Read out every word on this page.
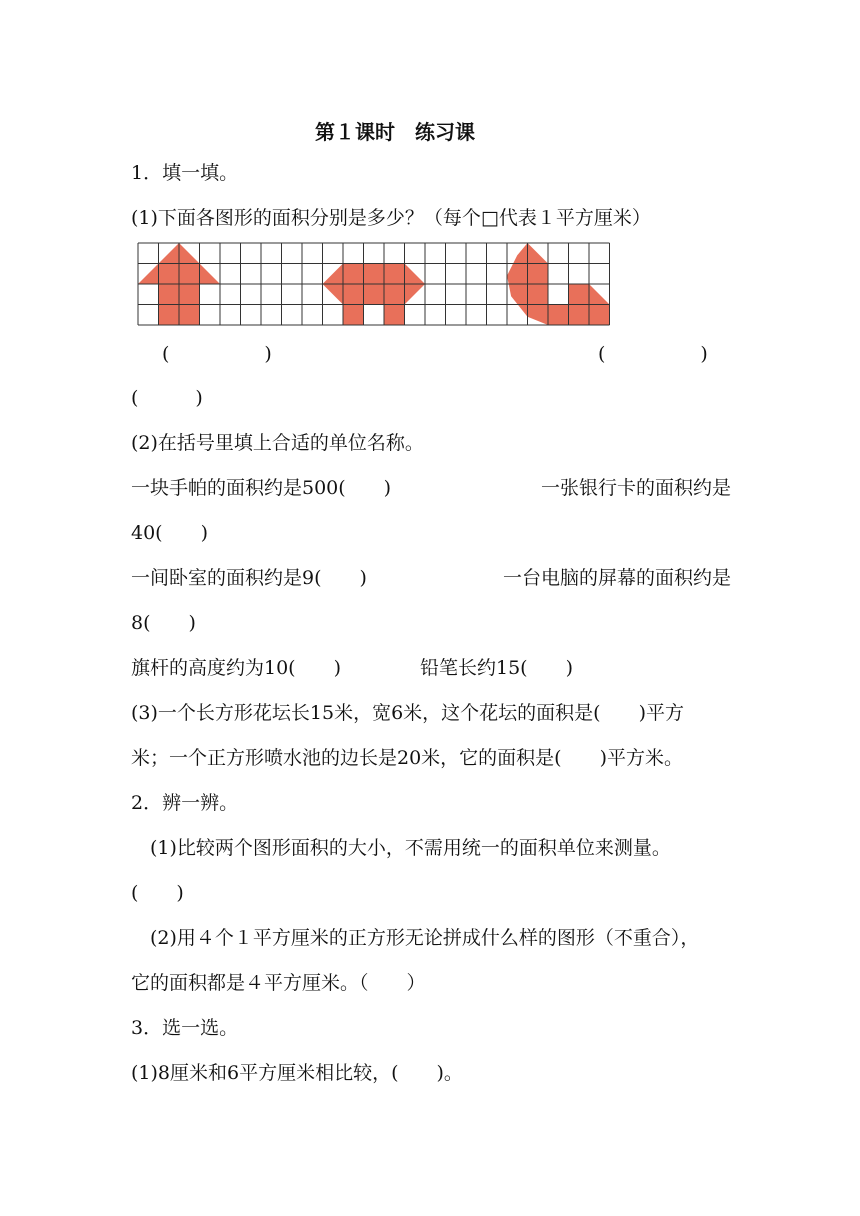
第１课时　练习课
1．填一填。
(1)下面各图形的面积分别是多少？（每个□代表１平方厘米）
(　　　　　)	(　　　　　)
(　　　)
(2)在括号里填上合适的单位名称。
一块手帕的面积约是500(　　)	一张银行卡的面积约是
40(　　)
一间卧室的面积约是9(　　)	一台电脑的屏幕的面积约是
8(　　)
旗杆的高度约为10(　　)	铅笔长约15(　　)
(3)一个长方形花坛长15米，宽6米，这个花坛的面积是(　　)平方
米；一个正方形喷水池的边长是20米，它的面积是(　　)平方米。
2．辨一辨。
(1)比较两个图形面积的大小，不需用统一的面积单位来测量。
(　　)
(2)用４个１平方厘米的正方形无论拼成什么样的图形（不重合），
它的面积都是４平方厘米。（　　）
3．选一选。
(1)8厘米和6平方厘米相比较，(　　)。
